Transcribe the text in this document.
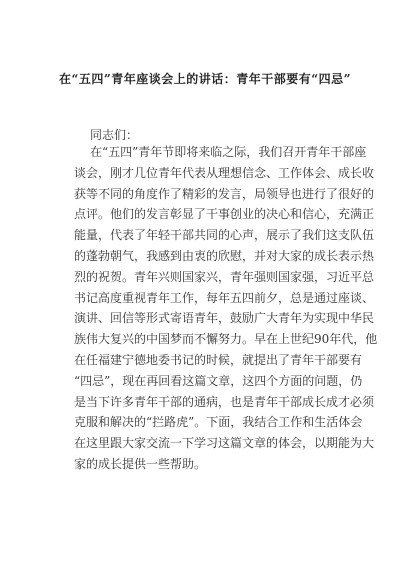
在“五四”青年座谈会上的讲话：青年干部要有“四忌”
同志们：
在“五四”青年节即将来临之际，我们召开青年干部座
谈会，刚才几位青年代表从理想信念、工作体会、成长收
获等不同的角度作了精彩的发言，局领导也进行了很好的
点评。他们的发言彰显了干事创业的决心和信心，充满正
能量，代表了年轻干部共同的心声，展示了我们这支队伍
的蓬勃朝气，我感到由衷的欣慰，并对大家的成长表示热
烈的祝贺。青年兴则国家兴，青年强则国家强，习近平总
书记高度重视青年工作，每年五四前夕，总是通过座谈、
演讲、回信等形式寄语青年，鼓励广大青年为实现中华民
族伟大复兴的中国梦而不懈努力。早在上世纪90年代，他
在任福建宁德地委书记的时候，就提出了青年干部要有
“四忌”，现在再回看这篇文章，这四个方面的问题，仍
是当下许多青年干部的通病，也是青年干部成长成才必须
克服和解决的“拦路虎”。下面，我结合工作和生活体会
在这里跟大家交流一下学习这篇文章的体会，以期能为大
家的成长提供一些帮助。
